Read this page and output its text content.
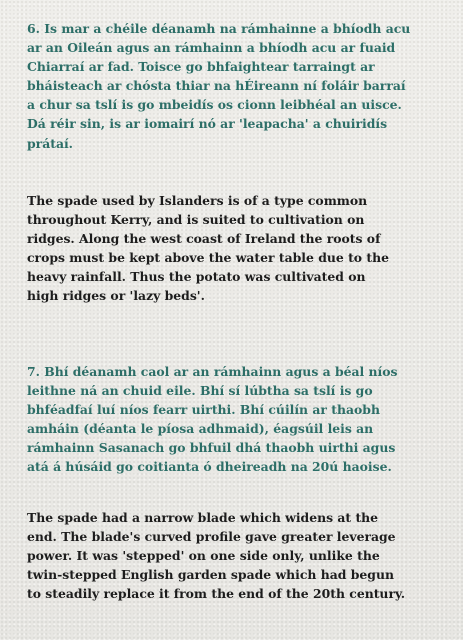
6. Is mar a chéile déanamh na rámhainne a bhíodh acu
ar an Oileán agus an rámhainn a bhíodh acu ar fuaid
Chiarraí ar fad. Toisce go bhfaightear tarraingt ar
bháisteach ar chósta thiar na hÉireann ní foláir barraí
a chur sa tslí is go mbeidís os cionn leibhéal an uisce.
Dá réir sin, is ar iomairí nó ar 'leapacha' a chuiridís
prátaí.
The spade used by Islanders is of a type common
throughout Kerry, and is suited to cultivation on
ridges. Along the west coast of Ireland the roots of
crops must be kept above the water table due to the
heavy rainfall. Thus the potato was cultivated on
high ridges or 'lazy beds'.
7. Bhí déanamh caol ar an rámhainn agus a béal níos
leithne ná an chuid eile. Bhí sí lúbtha sa tslí is go
bhféadfaí luí níos fearr uirthi. Bhí cúilín ar thaobh
amháin (déanta le píosa adhmaid), éagsúil leis an
rámhainn Sasanach go bhfuil dhá thaobh uirthi agus
atá á húsáid go coitianta ó dheireadh na 20ú haoise.
The spade had a narrow blade which widens at the
end. The blade's curved profile gave greater leverage
power. It was 'stepped' on one side only, unlike the
twin-stepped English garden spade which had begun
to steadily replace it from the end of the 20th century.
